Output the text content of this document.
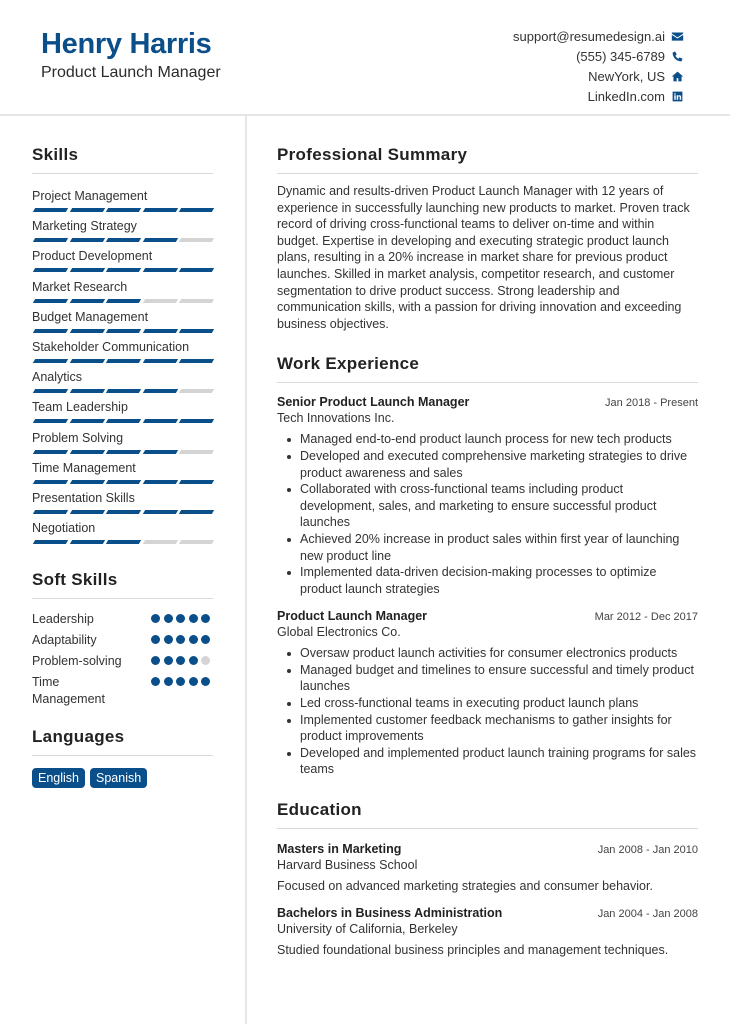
Henry Harris
Product Launch Manager
support@resumedesign.ai
(555) 345-6789
NewYork, US
LinkedIn.com
Skills
Project Management
Marketing Strategy
Product Development
Market Research
Budget Management
Stakeholder Communication
Analytics
Team Leadership
Problem Solving
Time Management
Presentation Skills
Negotiation
Soft Skills
Leadership
Adaptability
Problem-solving
Time Management
Languages
English	Spanish
Professional Summary

Dynamic and results-driven Product Launch Manager with 12 years of experience in successfully launching new products to market. Proven track record of driving cross-functional teams to deliver on-time and within budget. Expertise in developing and executing strategic product launch plans, resulting in a 20% increase in market share for previous product launches. Skilled in market analysis, competitor research, and customer segmentation to drive product success. Strong leadership and communication skills, with a passion for driving innovation and exceeding business objectives.

Work Experience
Senior Product Launch Manager	Jan 2018 - Present
Tech Innovations Inc.
Managed end-to-end product launch process for new tech products
Developed and executed comprehensive marketing strategies to drive product awareness and sales
Collaborated with cross-functional teams including product development, sales, and marketing to ensure successful product launches
Achieved 20% increase in product sales within first year of launching new product line
Implemented data-driven decision-making processes to optimize product launch strategies
Product Launch Manager	Mar 2012 - Dec 2017
Global Electronics Co.
Oversaw product launch activities for consumer electronics products
Managed budget and timelines to ensure successful and timely product launches
Led cross-functional teams in executing product launch plans
Implemented customer feedback mechanisms to gather insights for product improvements
Developed and implemented product launch training programs for sales teams
Education
Masters in Marketing	Jan 2008 - Jan 2010
Harvard Business School
Focused on advanced marketing strategies and consumer behavior.
Bachelors in Business Administration	Jan 2004 - Jan 2008
University of California, Berkeley
Studied foundational business principles and management techniques.
